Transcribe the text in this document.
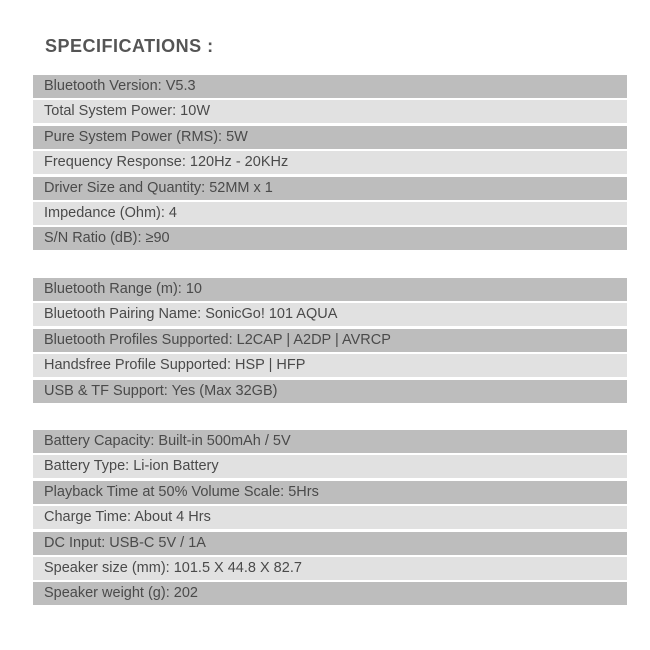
SPECIFICATIONS :
Bluetooth Version: V5.3
Total System Power: 10W
Pure System Power (RMS): 5W
Frequency Response: 120Hz - 20KHz
Driver Size and Quantity: 52MM x 1
Impedance (Ohm): 4
S/N Ratio (dB): ≥90
Bluetooth Range (m): 10
Bluetooth Pairing Name: SonicGo! 101 AQUA
Bluetooth Profiles Supported: L2CAP | A2DP | AVRCP
Handsfree Profile Supported: HSP | HFP
USB & TF Support: Yes (Max 32GB)
Battery Capacity: Built-in 500mAh / 5V
Battery Type: Li-ion Battery
Playback Time at 50% Volume Scale: 5Hrs
Charge Time: About 4 Hrs
DC Input: USB-C 5V / 1A
Speaker size (mm): 101.5 X 44.8 X 82.7
Speaker weight (g): 202
